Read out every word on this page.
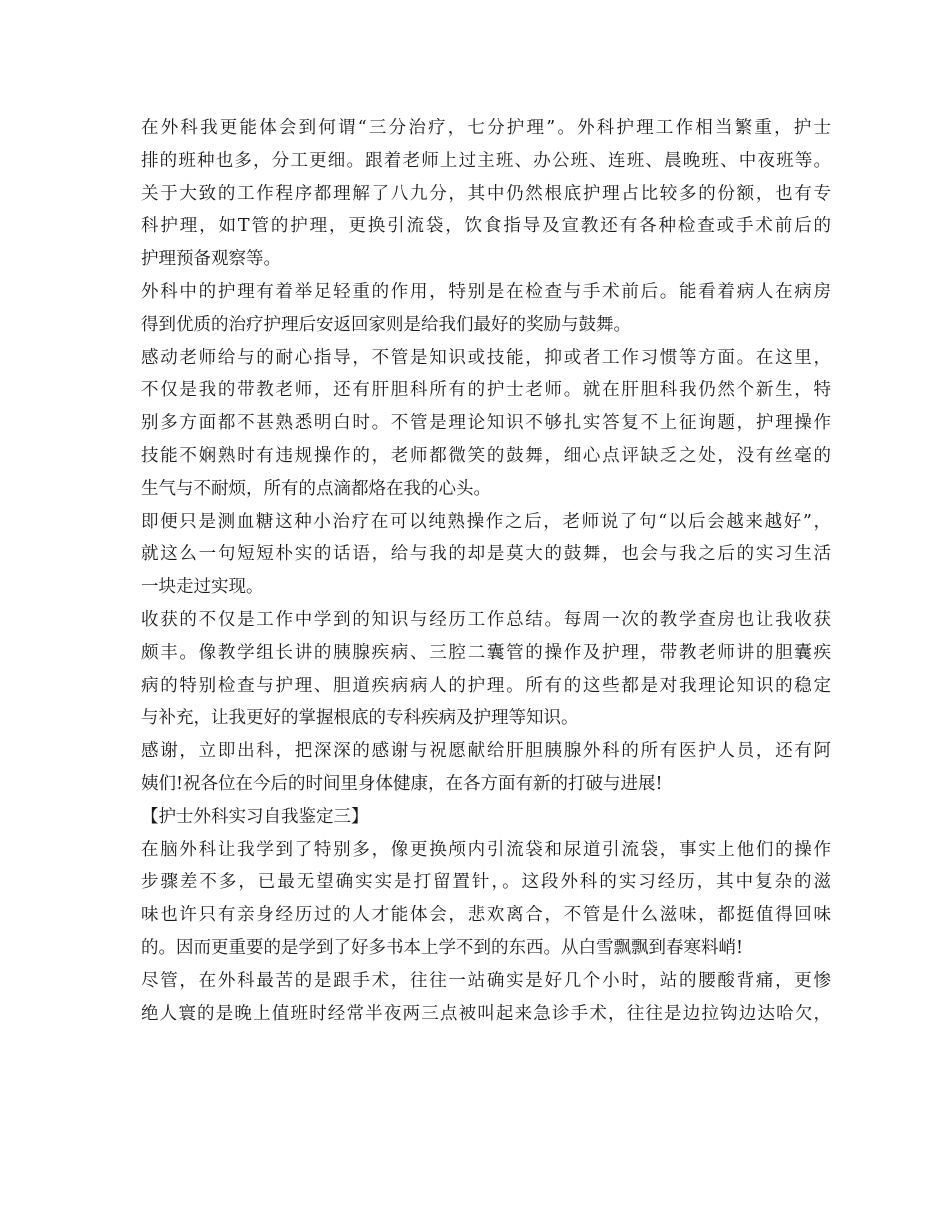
在外科我更能体会到何谓“三分治疗，七分护理”。外科护理工作相当繁重，护士
排的班种也多，分工更细。跟着老师上过主班、办公班、连班、晨晚班、中夜班等。
关于大致的工作程序都理解了八九分，其中仍然根底护理占比较多的份额，也有专
科护理，如T管的护理，更换引流袋，饮食指导及宣教还有各种检查或手术前后的
护理预备观察等。
外科中的护理有着举足轻重的作用，特别是在检查与手术前后。能看着病人在病房
得到优质的治疗护理后安返回家则是给我们最好的奖励与鼓舞。
感动老师给与的耐心指导，不管是知识或技能，抑或者工作习惯等方面。在这里，
不仅是我的带教老师，还有肝胆科所有的护士老师。就在肝胆科我仍然个新生，特
别多方面都不甚熟悉明白时。不管是理论知识不够扎实答复不上征询题，护理操作
技能不娴熟时有违规操作的，老师都微笑的鼓舞，细心点评缺乏之处，没有丝毫的
生气与不耐烦，所有的点滴都烙在我的心头。
即便只是测血糖这种小治疗在可以纯熟操作之后，老师说了句“以后会越来越好”，
就这么一句短短朴实的话语，给与我的却是莫大的鼓舞，也会与我之后的实习生活
一块走过实现。
收获的不仅是工作中学到的知识与经历工作总结。每周一次的教学查房也让我收获
颇丰。像教学组长讲的胰腺疾病、三腔二囊管的操作及护理，带教老师讲的胆囊疾
病的特别检查与护理、胆道疾病病人的护理。所有的这些都是对我理论知识的稳定
与补充，让我更好的掌握根底的专科疾病及护理等知识。
感谢，立即出科，把深深的感谢与祝愿献给肝胆胰腺外科的所有医护人员，还有阿
姨们!祝各位在今后的时间里身体健康，在各方面有新的打破与进展!
【护士外科实习自我鉴定三】
在脑外科让我学到了特别多，像更换颅内引流袋和尿道引流袋，事实上他们的操作
步骤差不多，已最无望确实实是打留置针，。这段外科的实习经历，其中复杂的滋
味也许只有亲身经历过的人才能体会，悲欢离合，不管是什么滋味，都挺值得回味
的。因而更重要的是学到了好多书本上学不到的东西。从白雪飘飘到春寒料峭!
尽管，在外科最苦的是跟手术，往往一站确实是好几个小时，站的腰酸背痛，更惨
绝人寰的是晚上值班时经常半夜两三点被叫起来急诊手术，往往是边拉钩边达哈欠，
